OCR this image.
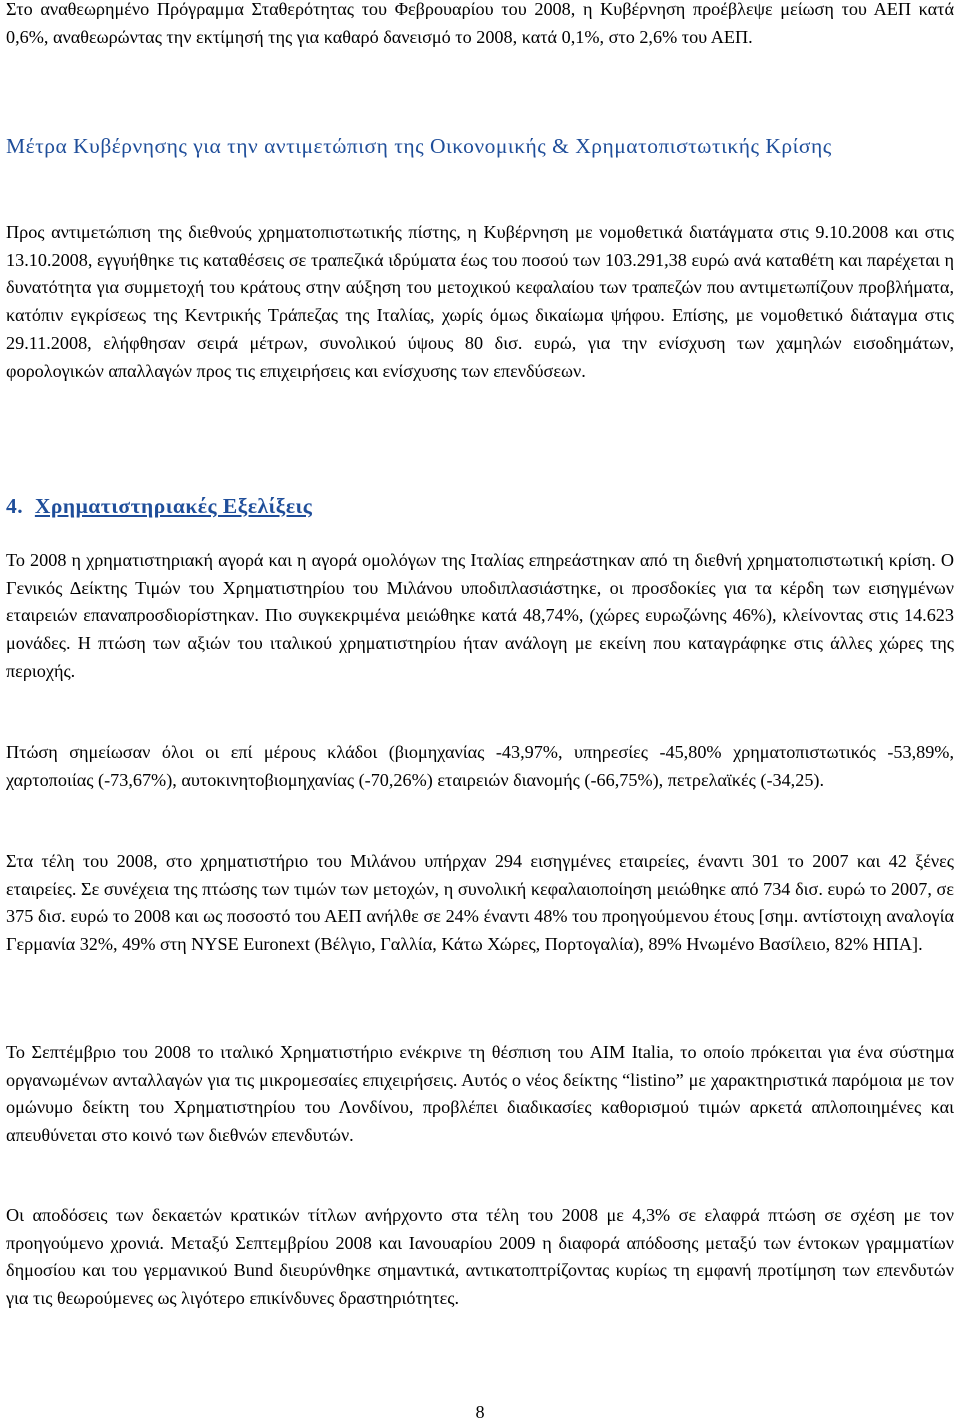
Στο αναθεωρημένο Πρόγραμμα Σταθερότητας του Φεβρουαρίου του 2008, η Κυβέρνηση προέβλεψε μείωση του ΑΕΠ κατά 0,6%, αναθεωρώντας την εκτίμησή της για καθαρό δανεισμό το 2008, κατά 0,1%, στο 2,6% του ΑΕΠ.

Μέτρα Κυβέρνησης για την αντιμετώπιση της Οικονομικής & Χρηματοπιστωτικής Κρίσης

Προς αντιμετώπιση της διεθνούς χρηματοπιστωτικής πίστης, η Κυβέρνηση με νομοθετικά διατάγματα στις 9.10.2008 και στις 13.10.2008, εγγυήθηκε τις καταθέσεις σε τραπεζικά ιδρύματα έως του ποσού των 103.291,38 ευρώ ανά καταθέτη και παρέχεται η δυνατότητα για συμμετοχή του κράτους στην αύξηση του μετοχικού κεφαλαίου των τραπεζών που αντιμετωπίζουν προβλήματα, κατόπιν εγκρίσεως της Κεντρικής Τράπεζας της Ιταλίας, χωρίς όμως δικαίωμα ψήφου. Επίσης, με νομοθετικό διάταγμα στις 29.11.2008, ελήφθησαν σειρά μέτρων, συνολικού ύψους 80 δισ. ευρώ, για την ενίσχυση των χαμηλών εισοδημάτων, φορολογικών απαλλαγών προς τις επιχειρήσεις και ενίσχυσης των επενδύσεων.

4. Χρηματιστηριακές Εξελίξεις

Το 2008 η χρηματιστηριακή αγορά και η αγορά ομολόγων της Ιταλίας επηρεάστηκαν από τη διεθνή χρηματοπιστωτική κρίση. Ο Γενικός Δείκτης Τιμών του Χρηματιστηρίου του Μιλάνου υποδιπλασιάστηκε, οι προσδοκίες για τα κέρδη των εισηγμένων εταιρειών επαναπροσδιορίστηκαν. Πιο συγκεκριμένα μειώθηκε κατά 48,74%, (χώρες ευρωζώνης 46%), κλείνοντας στις 14.623 μονάδες. Η πτώση των αξιών του ιταλικού χρηματιστηρίου ήταν ανάλογη με εκείνη που καταγράφηκε στις άλλες χώρες της περιοχής.

Πτώση σημείωσαν όλοι οι επί μέρους κλάδοι (βιομηχανίας -43,97%, υπηρεσίες -45,80% χρηματοπιστωτικός -53,89%, χαρτοποιίας (-73,67%), αυτοκινητοβιομηχανίας (-70,26%) εταιρειών διανομής (-66,75%), πετρελαϊκές (-34,25).

Στα τέλη του 2008, στο χρηματιστήριο του Μιλάνου υπήρχαν 294 εισηγμένες εταιρείες, έναντι 301 το 2007 και 42 ξένες εταιρείες. Σε συνέχεια της πτώσης των τιμών των μετοχών, η συνολική κεφαλαιοποίηση μειώθηκε από 734 δισ. ευρώ το 2007, σε 375 δισ. ευρώ το 2008 και ως ποσοστό του ΑΕΠ ανήλθε σε 24% έναντι 48% του προηγούμενου έτους [σημ. αντίστοιχη αναλογία Γερμανία 32%, 49% στη NYSE Euronext (Βέλγιο, Γαλλία, Κάτω Χώρες, Πορτογαλία), 89% Ηνωμένο Βασίλειο, 82% ΗΠΑ].

Το Σεπτέμβριο του 2008 το ιταλικό Χρηματιστήριο ενέκρινε τη θέσπιση του AIM Italia, το οποίο πρόκειται για ένα σύστημα οργανωμένων ανταλλαγών για τις μικρομεσαίες επιχειρήσεις. Αυτός ο νέος δείκτης “listino” με χαρακτηριστικά παρόμοια με τον ομώνυμο δείκτη του Χρηματιστηρίου του Λονδίνου, προβλέπει διαδικασίες καθορισμού τιμών αρκετά απλοποιημένες και απευθύνεται στο κοινό των διεθνών επενδυτών.

Οι αποδόσεις των δεκαετών κρατικών τίτλων ανήρχοντο στα τέλη του 2008 με 4,3% σε ελαφρά πτώση σε σχέση με τον προηγούμενο χρονιά. Μεταξύ Σεπτεμβρίου 2008 και Ιανουαρίου 2009 η διαφορά απόδοσης μεταξύ των έντοκων γραμματίων δημοσίου και του γερμανικού Bund διευρύνθηκε σημαντικά, αντικατοπτρίζοντας κυρίως τη εμφανή προτίμηση των επενδυτών για τις θεωρούμενες ως λιγότερο επικίνδυνες δραστηριότητες.

8
